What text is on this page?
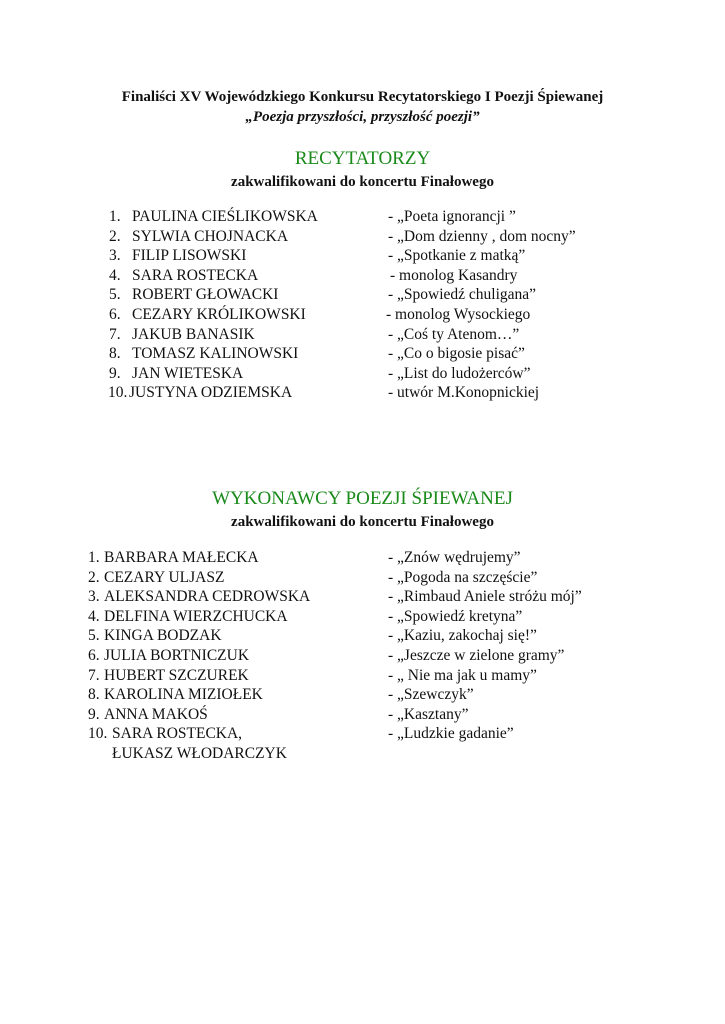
Finaliści XV Wojewódzkiego Konkursu Recytatorskiego I Poezji Śpiewanej
„Poezja przyszłości, przyszłość poezji”
RECYTATORZY
zakwalifikowani do koncertu Finałowego
1. PAULINA CIEŚLIKOWSKA	- „Poeta ignorancji ”
2. SYLWIA CHOJNACKA	- „Dom dzienny , dom nocny”
3. FILIP LISOWSKI	- „Spotkanie z matką”
4. SARA ROSTECKA	- monolog Kasandry
5. ROBERT GŁOWACKI	- „Spowiedź chuligana”
6. CEZARY KRÓLIKOWSKI	- monolog Wysockiego
7. JAKUB BANASIK	- „Coś ty Atenom…”
8. TOMASZ KALINOWSKI	- „Co o bigosie pisać”
9. JAN WIETESKA	- „List do ludożerców”
10. JUSTYNA ODZIEMSKA	- utwór M.Konopnickiej
WYKONAWCY POEZJI ŚPIEWANEJ
zakwalifikowani do koncertu Finałowego
1. BARBARA MAŁECKA	- „Znów wędrujemy”
2. CEZARY ULJASZ	- „Pogoda na szczęście”
3. ALEKSANDRA CEDROWSKA	- „Rimbaud Aniele stróżu mój”
4. DELFINA WIERZCHUCKA	- „Spowiedź kretyna”
5. KINGA BODZAK	- „Kaziu, zakochaj się!”
6. JULIA BORTNICZUK	- „Jeszcze w zielone gramy”
7. HUBERT SZCZUREK	- „ Nie ma jak u mamy”
8. KAROLINA MIZIOŁEK	- „Szewczyk”
9. ANNA MAKOŚ	- „Kasztany”
10. SARA ROSTECKA,	- „Ludzkie gadanie”
ŁUKASZ WŁODARCZYK
